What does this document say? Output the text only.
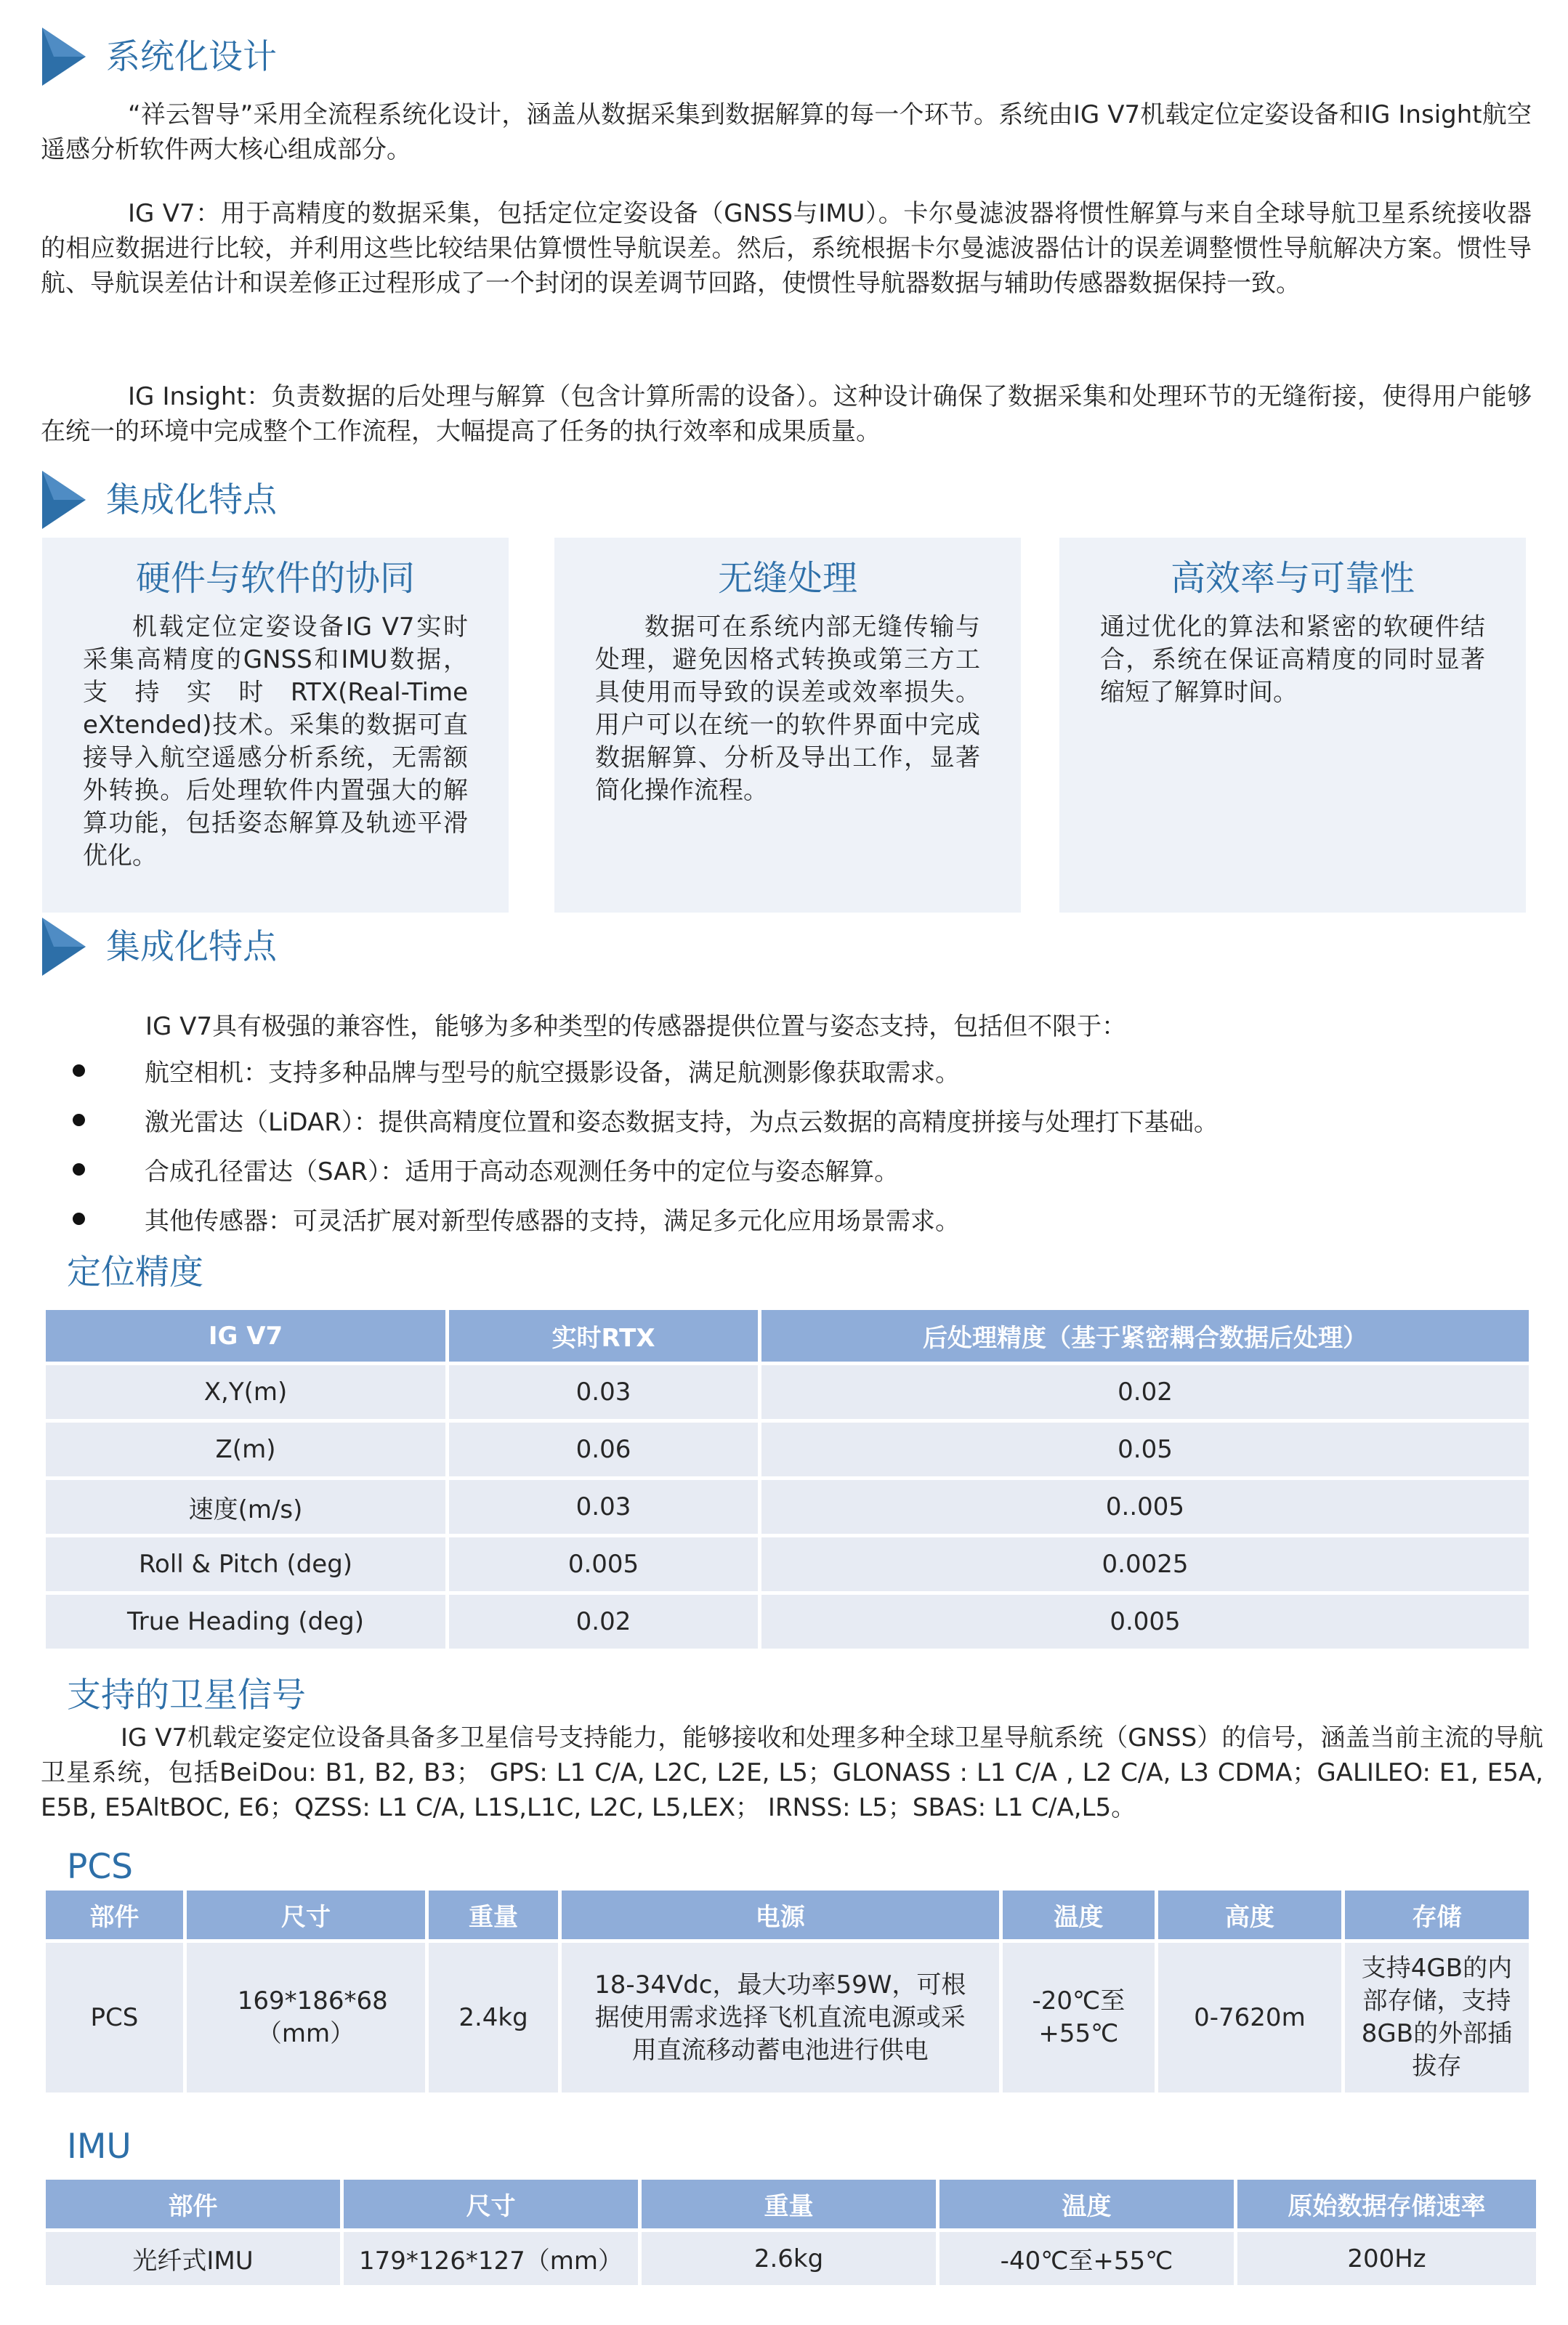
系统化设计

“祥云智导”采用全流程系统化设计，涵盖从数据采集到数据解算的每一个环节。系统由IG V7机载定位定姿设备和IG Insight航空遥感分析软件两大核心组成部分。

IG V7：用于高精度的数据采集，包括定位定姿设备（GNSS与IMU）。卡尔曼滤波器将惯性解算与来自全球导航卫星系统接收器的相应数据进行比较，并利用这些比较结果估算惯性导航误差。然后，系统根据卡尔曼滤波器估计的误差调整惯性导航解决方案。惯性导航、导航误差估计和误差修正过程形成了一个封闭的误差调节回路，使惯性导航器数据与辅助传感器数据保持一致。

IG Insight：负责数据的后处理与解算（包含计算所需的设备）。这种设计确保了数据采集和处理环节的无缝衔接，使得用户能够在统一的环境中完成整个工作流程，大幅提高了任务的执行效率和成果质量。

集成化特点
硬件与软件的协同
机载定位定姿设备IG V7实时采集高精度的GNSS和IMU数据，支持实时RTX(Real-Time eXtended)技术。采集的数据可直接导入航空遥感分析系统，无需额外转换。后处理软件内置强大的解算功能，包括姿态解算及轨迹平滑优化。
无缝处理
数据可在系统内部无缝传输与处理，避免因格式转换或第三方工具使用而导致的误差或效率损失。用户可以在统一的软件界面中完成数据解算、分析及导出工作，显著简化操作流程。
高效率与可靠性
通过优化的算法和紧密的软硬件结合，系统在保证高精度的同时显著缩短了解算时间。
集成化特点
IG V7具有极强的兼容性，能够为多种类型的传感器提供位置与姿态支持，包括但不限于：
航空相机：支持多种品牌与型号的航空摄影设备，满足航测影像获取需求。
激光雷达（LiDAR）：提供高精度位置和姿态数据支持，为点云数据的高精度拼接与处理打下基础。
合成孔径雷达（SAR）：适用于高动态观测任务中的定位与姿态解算。
其他传感器：可灵活扩展对新型传感器的支持，满足多元化应用场景需求。
定位精度
IG V7	实时RTX	后处理精度（基于紧密耦合数据后处理）
X,Y(m)	0.03	0.02
Z(m)	0.06	0.05
速度(m/s)	0.03	0..005
Roll & Pitch (deg)	0.005	0.0025
True Heading (deg)	0.02	0.005
支持的卫星信号

IG V7机载定姿定位设备具备多卫星信号支持能力，能够接收和处理多种全球卫星导航系统（GNSS）的信号，涵盖当前主流的导航卫星系统，包括BeiDou: B1, B2, B3； GPS: L1 C/A, L2C, L2E, L5；GLONASS : L1 C/A , L2 C/A, L3 CDMA；GALILEO: E1, E5A, E5B, E5AltBOC, E6；QZSS: L1 C/A, L1S,L1C, L2C, L5,LEX； IRNSS: L5；SBAS: L1 C/A,L5。

PCS
部件	尺寸	重量	电源	温度	高度	存储
PCS	169*186*68（mm）	2.4kg	18-34Vdc，最大功率59W，可根据使用需求选择飞机直流电源或采用直流移动蓄电池进行供电	-20℃至+55℃	0-7620m	支持4GB的内部存储，支持8GB的外部插拔存
IMU
部件	尺寸	重量	温度	原始数据存储速率
光纤式IMU	179*126*127（mm）	2.6kg	-40℃至+55℃	200Hz
